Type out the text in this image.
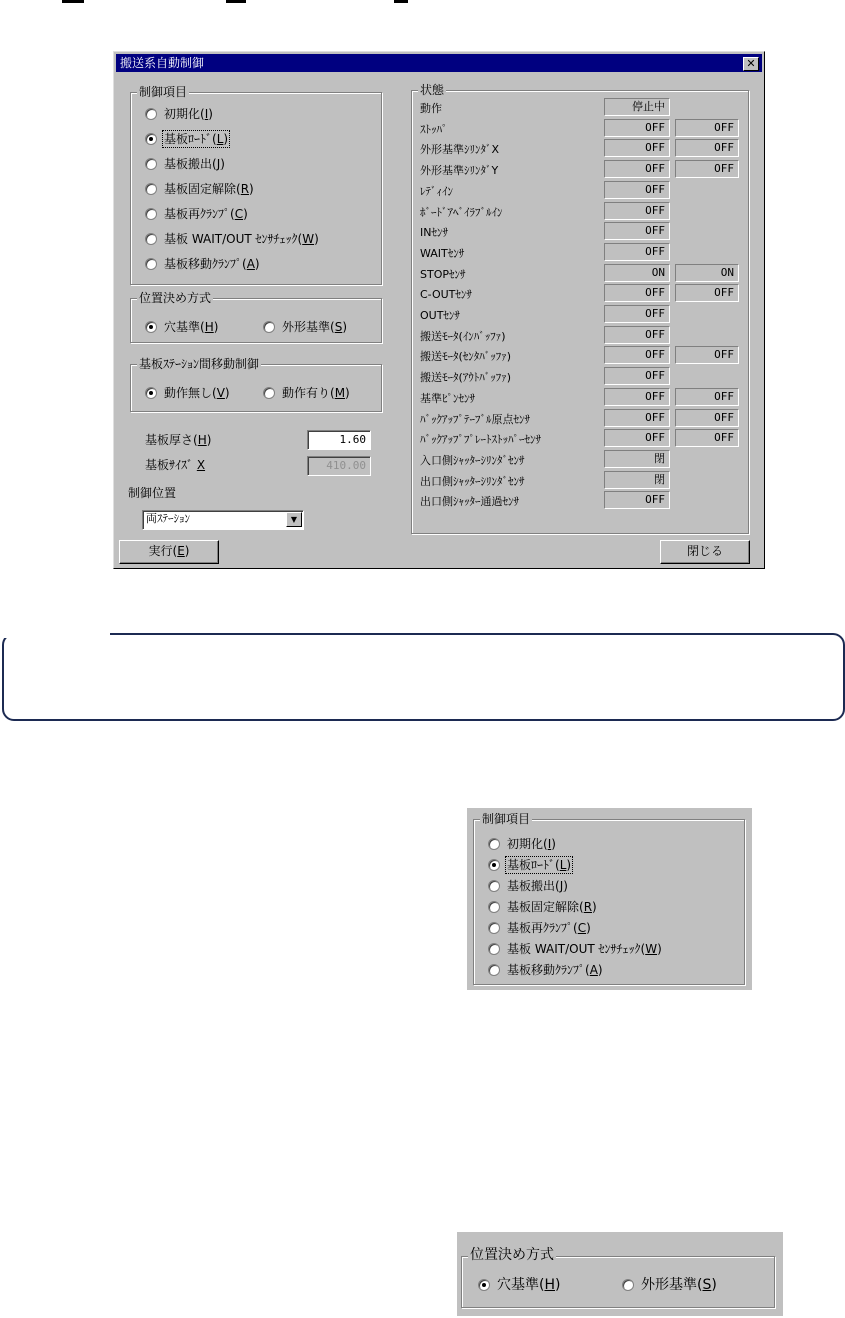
搬送系自動制御	✕
制御項目
初期化(I)
基板ﾛｰﾄﾞ(L)
基板搬出(J)
基板固定解除(R)
基板再ｸﾗﾝﾌﾟ(C)
基板 WAIT/OUT ｾﾝｻﾁｪｯｸ(W)
基板移動ｸﾗﾝﾌﾟ(A)
位置決め方式
穴基準(H)	外形基準(S)
基板ｽﾃｰｼｮﾝ間移動制御
動作無し(V)	動作有り(M)
基板厚さ(H)	1.60
基板ｻｲｽﾞ X	410.00
制御位置
両ｽﾃｰｼｮﾝ	▼
実行(E)	閉じる
状態
動作	停止中
ｽﾄｯﾊﾟ	OFF	OFF
外形基準ｼﾘﾝﾀﾞX	OFF	OFF
外形基準ｼﾘﾝﾀﾞY	OFF	OFF
ﾚﾃﾞｨｲﾝ	OFF
ﾎﾞｰﾄﾞｱﾍﾞｲﾗﾌﾞﾙｲﾝ	OFF
INｾﾝｻ	OFF
WAITｾﾝｻ	OFF
STOPｾﾝｻ	ON	ON
C-OUTｾﾝｻ	OFF	OFF
OUTｾﾝｻ	OFF
搬送ﾓｰﾀ(ｲﾝﾊﾞｯﾌｧ)	OFF
搬送ﾓｰﾀ(ｾﾝﾀﾊﾞｯﾌｧ)	OFF	OFF
搬送ﾓｰﾀ(ｱｳﾄﾊﾞｯﾌｧ)	OFF
基準ﾋﾟﾝｾﾝｻ	OFF	OFF
ﾊﾞｯｸｱｯﾌﾟﾃｰﾌﾞﾙ原点ｾﾝｻ	OFF	OFF
ﾊﾞｯｸｱｯﾌﾟﾌﾟﾚｰﾄｽﾄｯﾊﾟｰｾﾝｻ	OFF	OFF
入口側ｼｬｯﾀｰｼﾘﾝﾀﾞｾﾝｻ	閉
出口側ｼｬｯﾀｰｼﾘﾝﾀﾞｾﾝｻ	閉
出口側ｼｬｯﾀｰ通過ｾﾝｻ	OFF
制御項目
初期化(I)
基板ﾛｰﾄﾞ(L)
基板搬出(J)
基板固定解除(R)
基板再ｸﾗﾝﾌﾟ(C)
基板 WAIT/OUT ｾﾝｻﾁｪｯｸ(W)
基板移動ｸﾗﾝﾌﾟ(A)
位置決め方式
穴基準(H)	外形基準(S)
